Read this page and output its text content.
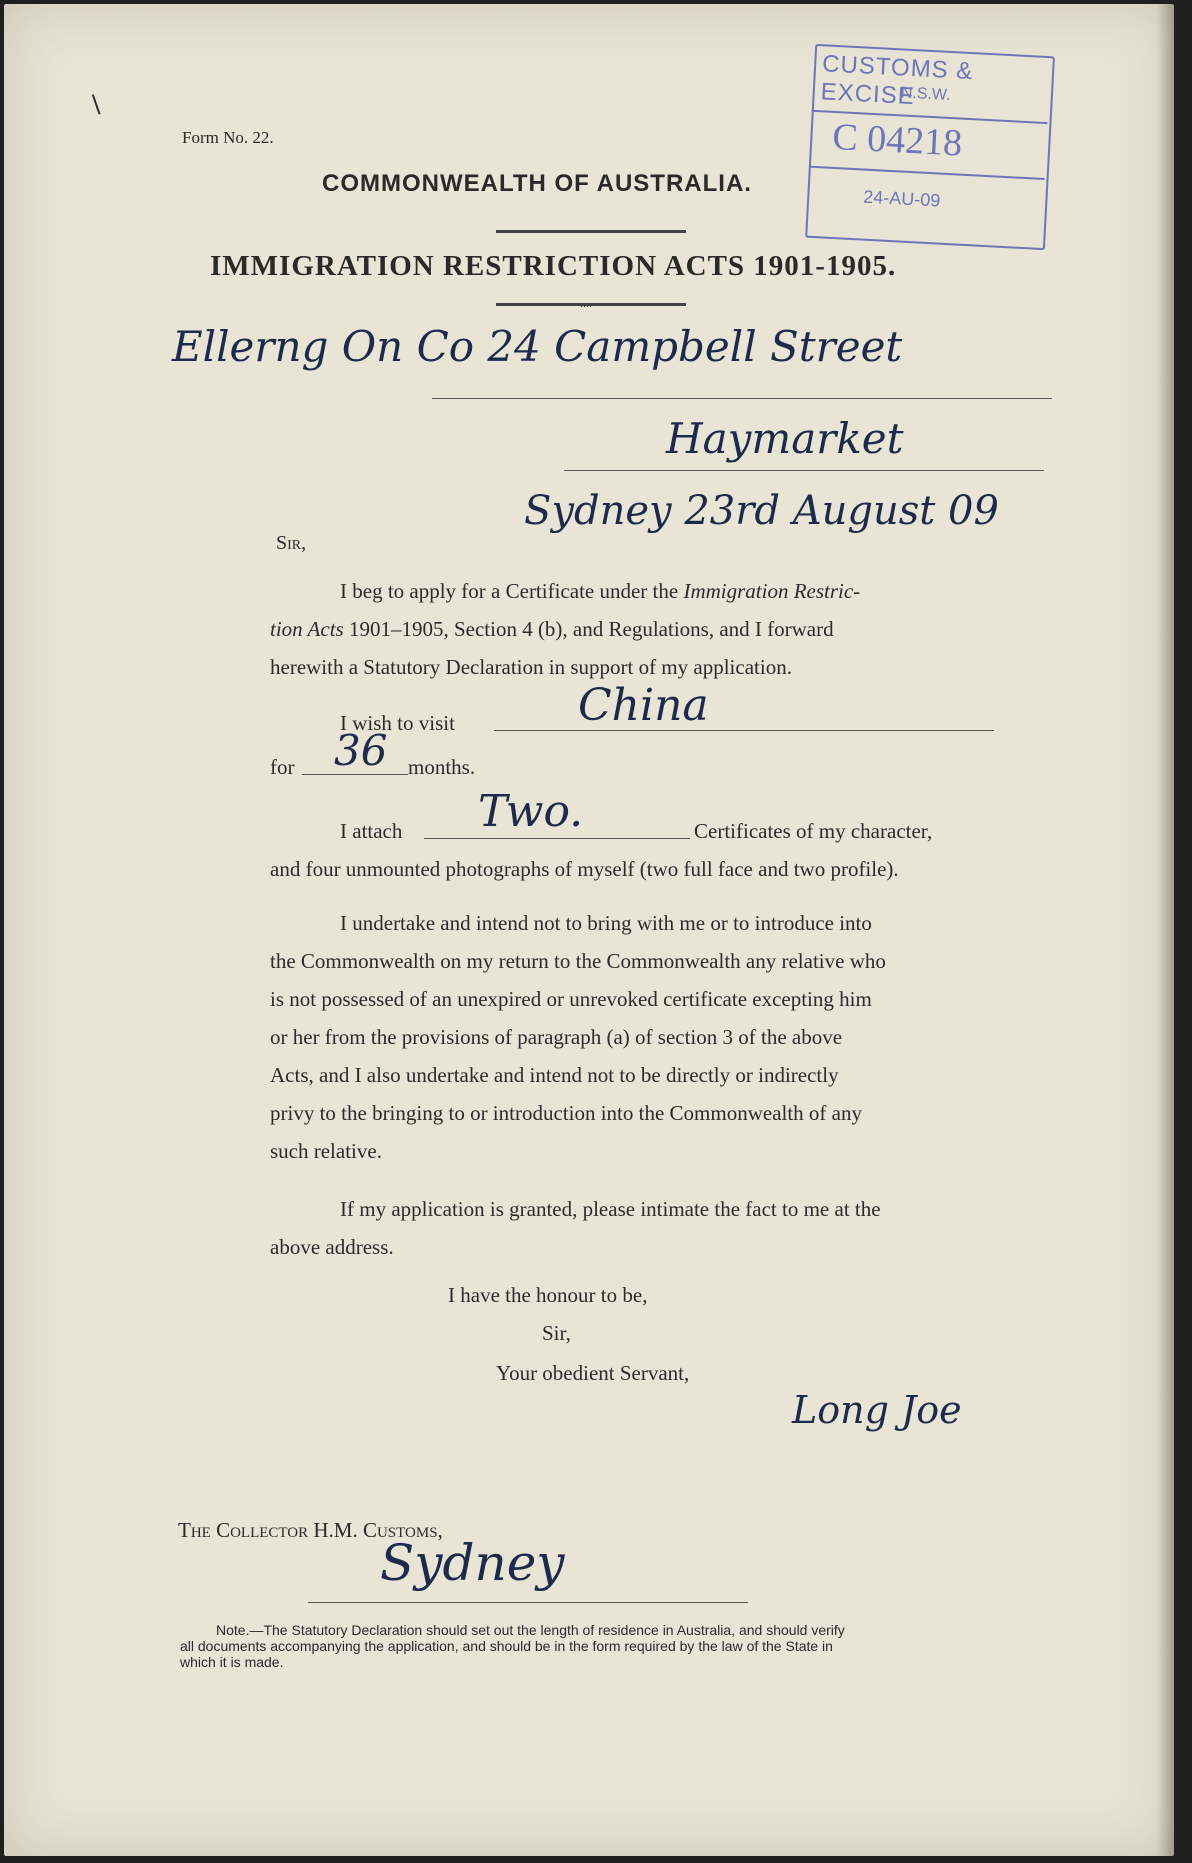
\
Form No. 22.
COMMONWEALTH OF AUSTRALIA.
IMMIGRATION RESTRICTION ACTS 1901-1905.
....
CUSTOMS & EXCISE
N.S.W.
C 04218
24-AU-09
Ellerng On Co 24 Campbell Street
Haymarket
Sydney 23rd August 09
Sir,
I beg to apply for a Certificate under the Immigration Restric-
tion Acts 1901–1905, Section 4 (b), and Regulations, and I forward
herewith a Statutory Declaration in support of my application.
I wish to visit	China
for 36 months.
I attach Two.	Certificates of my character,
and four unmounted photographs of myself (two full face and two profile).
I undertake and intend not to bring with me or to introduce into
the Commonwealth on my return to the Commonwealth any relative who
is not possessed of an unexpired or unrevoked certificate excepting him
or her from the provisions of paragraph (a) of section 3 of the above
Acts, and I also undertake and intend not to be directly or indirectly
privy to the bringing to or introduction into the Commonwealth of any
such relative.
If my application is granted, please intimate the fact to me at the
above address.
I have the honour to be,
Sir,
Your obedient Servant,
Long Joe
The Collector H.M. Customs,
Sydney
Note.—The Statutory Declaration should set out the length of residence in Australia, and should verify
all documents accompanying the application, and should be in the form required by the law of the State in
which it is made.
